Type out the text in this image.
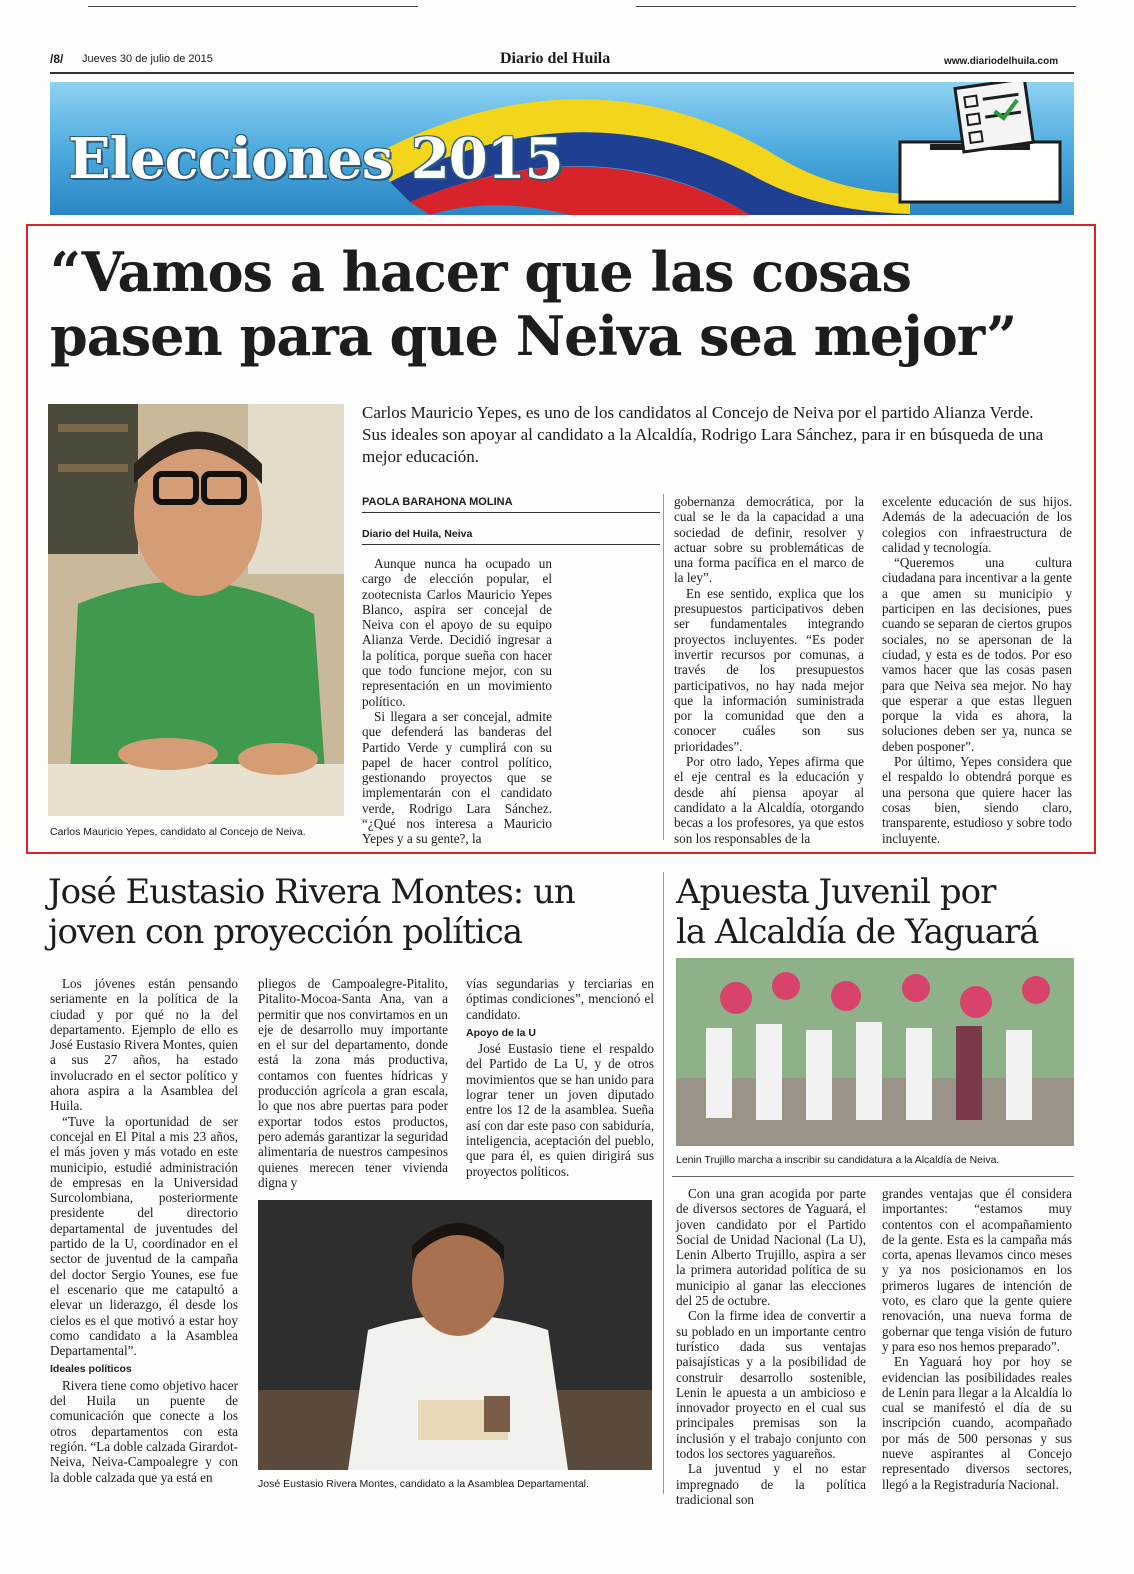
/8/ Jueves 30 de julio de 2015	Diario del Huila	www.diariodelhuila.com
Elecciones 2015
“Vamos a hacer que las cosas
pasen para que Neiva sea mejor”
Carlos Mauricio Yepes, es uno de los candidatos al Concejo de Neiva por el partido Alianza Verde. Sus ideales son apoyar al candidato a la Alcaldía, Rodrigo Lara Sánchez, para ir en búsqueda de una mejor educación.
Carlos Mauricio Yepes, candidato al Concejo de Neiva.
PAOLA BARAHONA MOLINA
Diario del Huila, Neiva

Aunque nunca ha ocupado un cargo de elección popular, el zootecnista Carlos Mauricio Yepes Blanco, aspira ser concejal de Neiva con el apoyo de su equipo Alianza Verde. Decidió ingresar a la política, porque sueña con hacer que todo funcione mejor, con su representación en un movimiento político.

Si llegara a ser concejal, admite que defenderá las banderas del Partido Verde y cumplirá con su papel de hacer control político, gestionando proyectos que se implementarán con el candidato verde, Rodrigo Lara Sánchez. “¿Qué nos interesa a Mauricio Yepes y a su gente?, la

gobernanza democrática, por la cual se le da la capacidad a una sociedad de definir, resolver y actuar sobre su problemáticas de una forma pacífica en el marco de la ley”.

En ese sentido, explica que los presupuestos participativos deben ser fundamentales integrando proyectos incluyentes. “Es poder invertir recursos por comunas, a través de los presupuestos participativos, no hay nada mejor que la información suministrada por la comunidad que den a conocer cuáles son sus prioridades”.

Por otro lado, Yepes afirma que el eje central es la educación y desde ahí piensa apoyar al candidato a la Alcaldía, otorgando becas a los profesores, ya que estos son los responsables de la

excelente educación de sus hijos. Además de la adecuación de los colegios con infraestructura de calidad y tecnología.

“Queremos una cultura ciudadana para incentivar a la gente a que amen su municipio y participen en las decisiones, pues cuando se separan de ciertos grupos sociales, no se apersonan de la ciudad, y esta es de todos. Por eso vamos hacer que las cosas pasen para que Neiva sea mejor. No hay que esperar a que estas lleguen porque la vida es ahora, la soluciones deben ser ya, nunca se deben posponer”.

Por último, Yepes considera que el respaldo lo obtendrá porque es una persona que quiere hacer las cosas bien, siendo claro, transparente, estudioso y sobre todo incluyente.

José Eustasio Rivera Montes: un
joven con proyección política

Los jóvenes están pensando seriamente en la política de la ciudad y por qué no la del departamento. Ejemplo de ello es José Eustasio Rivera Montes, quien a sus 27 años, ha estado involucrado en el sector político y ahora aspira a la Asamblea del Huila.

“Tuve la oportunidad de ser concejal en El Pital a mis 23 años, el más joven y más votado en este municipio, estudié administración de empresas en la Universidad Surcolombiana, posteriormente presidente del directorio departamental de juventudes del partido de la U, coordinador en el sector de juventud de la campaña del doctor Sergio Younes, ese fue el escenario que me catapultó a elevar un liderazgo, él desde los cielos es el que motivó a estar hoy como candidato a la Asamblea Departamental”.

Ideales políticos

Rivera tiene como objetivo hacer del Huila un puente de comunicación que conecte a los otros departamentos con esta región. “La doble calzada Girardot-Neiva, Neiva-Campoalegre y con la doble calzada que ya está en

pliegos de Campoalegre-Pitalito, Pitalito-Mocoa-Santa Ana, van a permitir que nos convirtamos en un eje de desarrollo muy importante en el sur del departamento, donde está la zona más productiva, contamos con fuentes hídricas y producción agrícola a gran escala, lo que nos abre puertas para poder exportar todos estos productos, pero además garantizar la seguridad alimentaria de nuestros campesinos quienes merecen tener vivienda digna y

vías segundarias y terciarias en óptimas condiciones”, mencionó el candidato.

Apoyo de la U

José Eustasio tiene el respaldo del Partido de La U, y de otros movimientos que se han unido para lograr tener un joven diputado entre los 12 de la asamblea. Sueña así con dar este paso con sabiduría, inteligencia, aceptación del pueblo, que para él, es quien dirigirá sus proyectos políticos.

José Eustasio Rivera Montes, candidato a la Asamblea Departamental.
Apuesta Juvenil por
la Alcaldía de Yaguará
Lenin Trujillo marcha a inscribir su candidatura a la Alcaldía de Neiva.

Con una gran acogida por parte de diversos sectores de Yaguará, el joven candidato por el Partido Social de Unidad Nacional (La U), Lenin Alberto Trujillo, aspira a ser la primera autoridad política de su municipio al ganar las elecciones del 25 de octubre.

Con la firme idea de convertir a su poblado en un importante centro turístico dada sus ventajas paisajísticas y a la posibilidad de construir desarrollo sostenible, Lenin le apuesta a un ambicioso e innovador proyecto en el cual sus principales premisas son la inclusión y el trabajo conjunto con todos los sectores yaguareños.

La juventud y el no estar impregnado de la política tradicional son

grandes ventajas que él considera importantes: “estamos muy contentos con el acompañamiento de la gente. Esta es la campaña más corta, apenas llevamos cinco meses y ya nos posicionamos en los primeros lugares de intención de voto, es claro que la gente quiere renovación, una nueva forma de gobernar que tenga visión de futuro y para eso nos hemos preparado”.

En Yaguará hoy por hoy se evidencian las posibilidades reales de Lenin para llegar a la Alcaldía lo cual se manifestó el día de su inscripción cuando, acompañado por más de 500 personas y sus nueve aspirantes al Concejo representado diversos sectores, llegó a la Registraduría Nacional.
